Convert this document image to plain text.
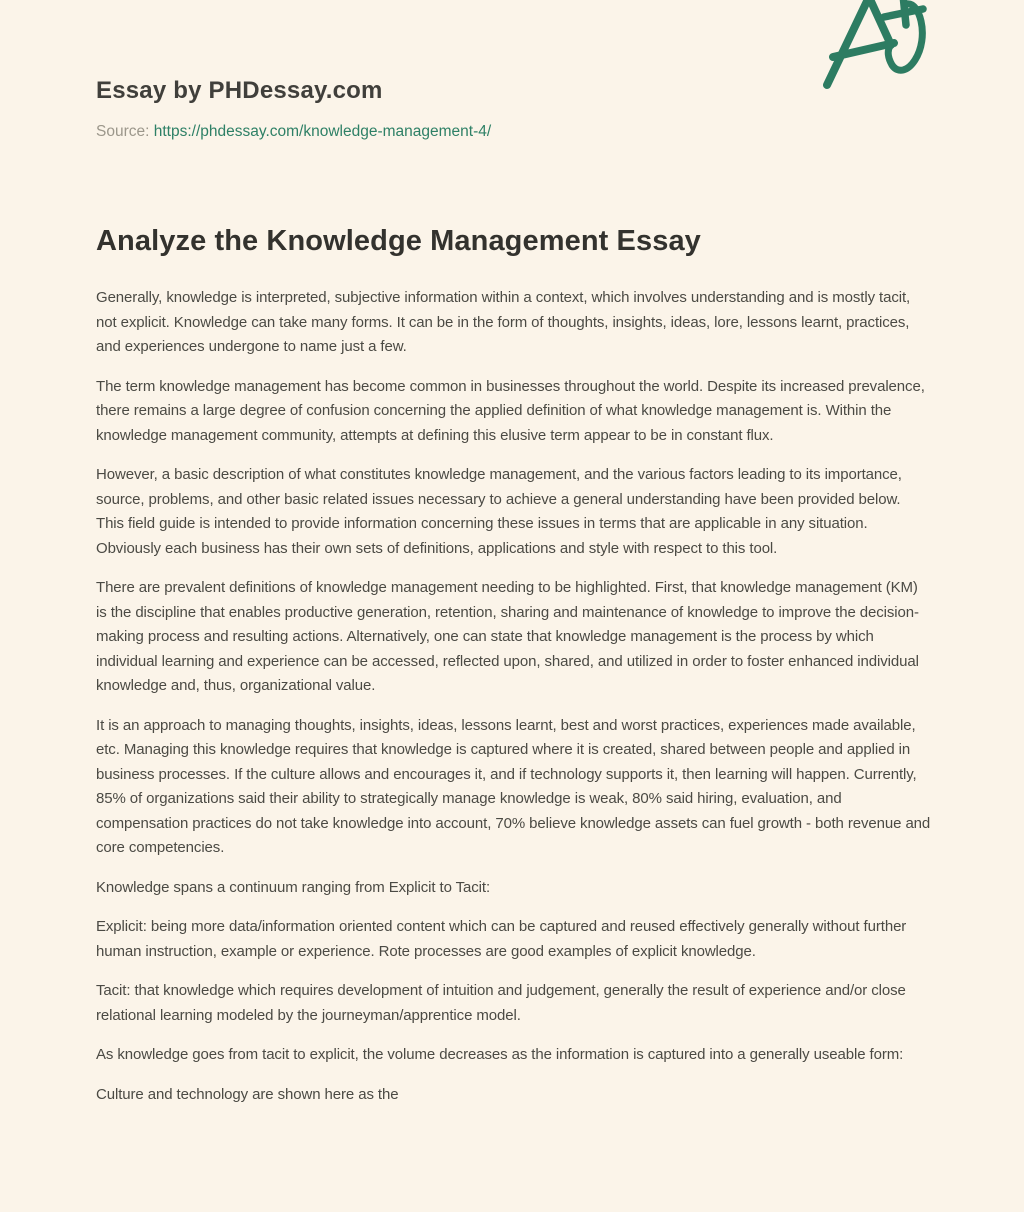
Essay by PHDessay.com
Source: https://phdessay.com/knowledge-management-4/
Analyze the Knowledge Management Essay

Generally, knowledge is interpreted, subjective information within a context, which involves understanding and is mostly tacit, not explicit. Knowledge can take many forms. It can be in the form of thoughts, insights, ideas, lore, lessons learnt, practices, and experiences undergone to name just a few.

The term knowledge management has become common in businesses throughout the world. Despite its increased prevalence, there remains a large degree of confusion concerning the applied definition of what knowledge management is. Within the knowledge management community, attempts at defining this elusive term appear to be in constant flux.

However, a basic description of what constitutes knowledge management, and the various factors leading to its importance, source, problems, and other basic related issues necessary to achieve a general understanding have been provided below. This field guide is intended to provide information concerning these issues in terms that are applicable in any situation. Obviously each business has their own sets of definitions, applications and style with respect to this tool.

There are prevalent definitions of knowledge management needing to be highlighted. First, that knowledge management (KM) is the discipline that enables productive generation, retention, sharing and maintenance of knowledge to improve the decision-making process and resulting actions. Alternatively, one can state that knowledge management is the process by which individual learning and experience can be accessed, reflected upon, shared, and utilized in order to foster enhanced individual knowledge and, thus, organizational value.

It is an approach to managing thoughts, insights, ideas, lessons learnt, best and worst practices, experiences made available, etc. Managing this knowledge requires that knowledge is captured where it is created, shared between people and applied in business processes. If the culture allows and encourages it, and if technology supports it, then learning will happen. Currently, 85% of organizations said their ability to strategically manage knowledge is weak, 80% said hiring, evaluation, and compensation practices do not take knowledge into account, 70% believe knowledge assets can fuel growth - both revenue and core competencies.

Knowledge spans a continuum ranging from Explicit to Tacit:

Explicit: being more data/information oriented content which can be captured and reused effectively generally without further human instruction, example or experience. Rote processes are good examples of explicit knowledge.

Tacit: that knowledge which requires development of intuition and judgement, generally the result of experience and/or close relational learning modeled by the journeyman/apprentice model.

As knowledge goes from tacit to explicit, the volume decreases as the information is captured into a generally useable form:

Culture and technology are shown here as the
